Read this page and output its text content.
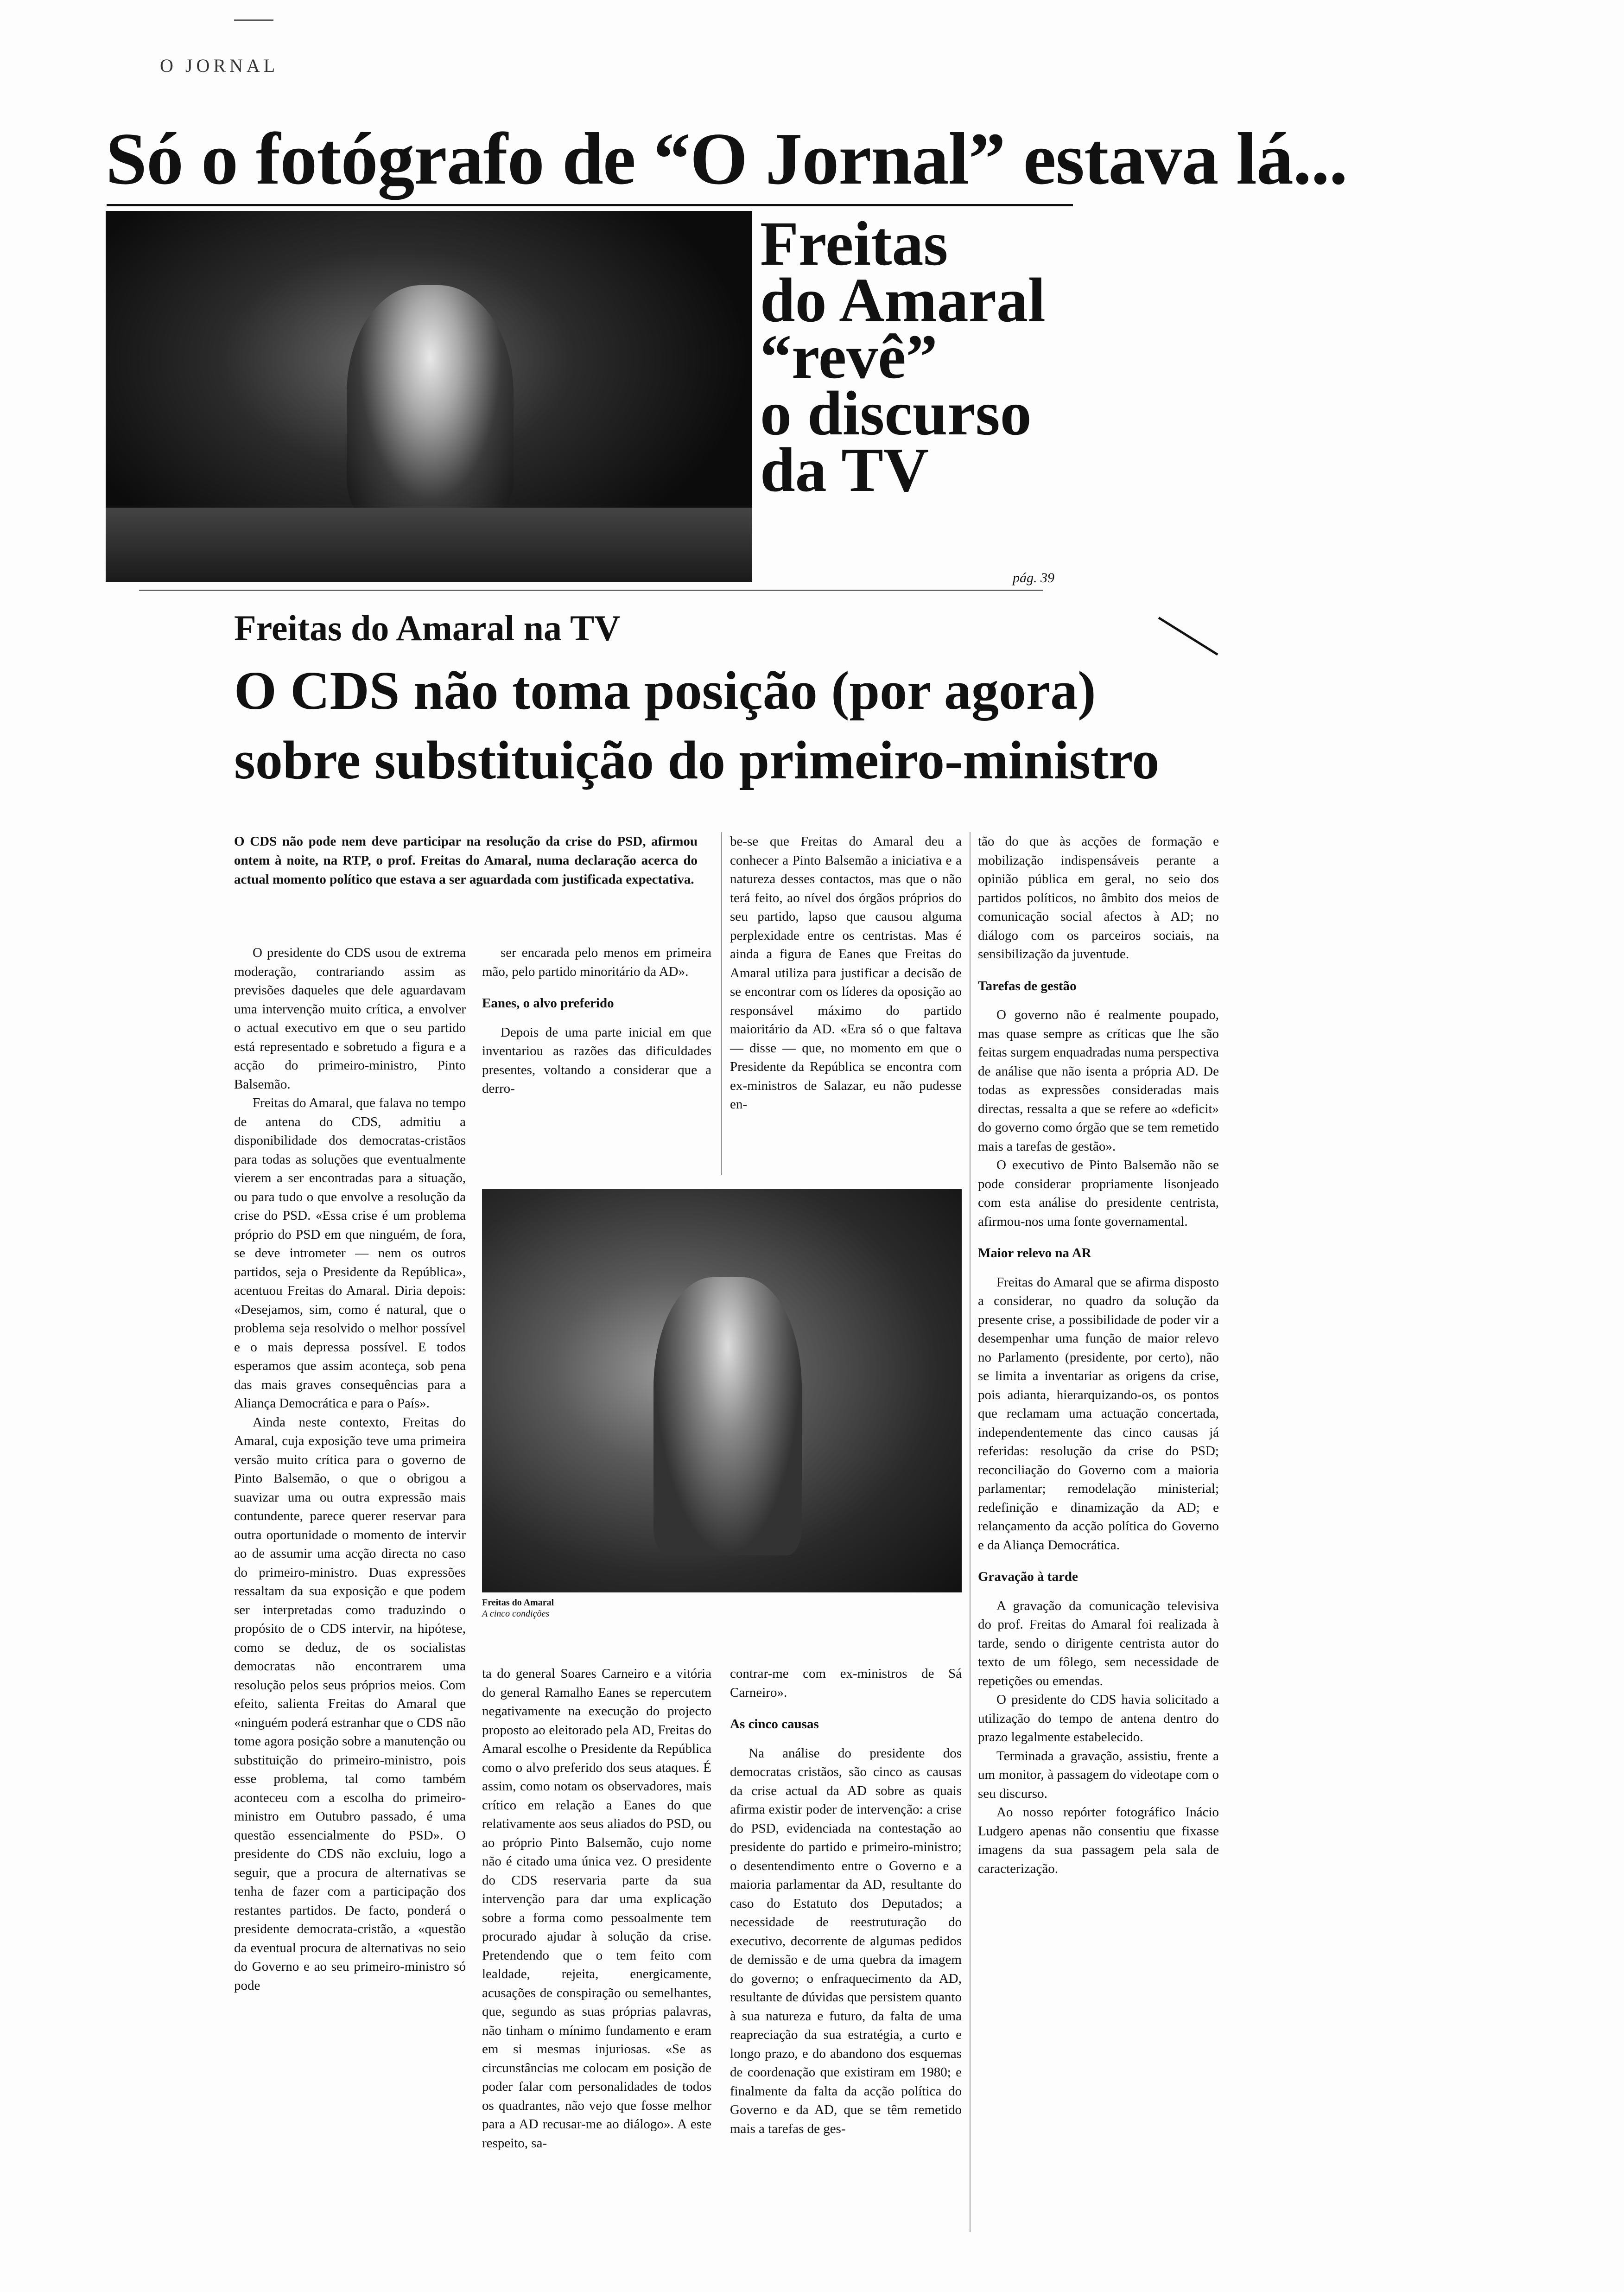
O JORNAL
Só o fotógrafo de “O Jornal” estava lá...
Freitas
do Amaral
“revê”
o discurso
da TV
pág. 39
Freitas do Amaral na TV
O CDS não toma posição (por agora)
sobre substituição do primeiro-ministro
O CDS não pode nem deve participar na resolução da crise do PSD, afirmou ontem à noite, na RTP, o prof. Freitas do Amaral, numa declaração acerca do actual momento político que estava a ser aguardada com justificada expectativa.

O presidente do CDS usou de extrema moderação, contrariando assim as previsões daqueles que dele aguardavam uma intervenção muito crítica, a envolver o actual executivo em que o seu partido está representado e sobretudo a figura e a acção do primeiro-ministro, Pinto Balsemão.

Freitas do Amaral, que falava no tempo de antena do CDS, admitiu a disponibilidade dos democratas-cristãos para todas as soluções que eventualmente vierem a ser encontradas para a situação, ou para tudo o que envolve a resolução da crise do PSD. «Essa crise é um problema próprio do PSD em que ninguém, de fora, se deve intrometer — nem os outros partidos, seja o Presidente da República», acentuou Freitas do Amaral. Diria depois: «Desejamos, sim, como é natural, que o problema seja resolvido o melhor possível e o mais depressa possível. E todos esperamos que assim aconteça, sob pena das mais graves consequências para a Aliança Democrática e para o País».

Ainda neste contexto, Freitas do Amaral, cuja exposição teve uma primeira versão muito crítica para o governo de Pinto Balsemão, o que o obrigou a suavizar uma ou outra expressão mais contundente, parece querer reservar para outra oportunidade o momento de intervir ao de assumir uma acção directa no caso do primeiro-ministro. Duas expressões ressaltam da sua exposição e que podem ser interpretadas como traduzindo o propósito de o CDS intervir, na hipótese, como se deduz, de os socialistas democratas não encontrarem uma resolução pelos seus próprios meios. Com efeito, salienta Freitas do Amaral que «ninguém poderá estranhar que o CDS não tome agora posição sobre a manutenção ou substituição do primeiro-ministro, pois esse problema, tal como também aconteceu com a escolha do primeiro-ministro em Outubro passado, é uma questão essencialmente do PSD». O presidente do CDS não excluiu, logo a seguir, que a procura de alternativas se tenha de fazer com a participação dos restantes partidos. De facto, ponderá o presidente democrata-cristão, a «questão da eventual procura de alternativas no seio do Governo e ao seu primeiro-ministro só pode

ser encarada pelo menos em primeira mão, pelo partido minoritário da AD».

Eanes, o alvo preferido

Depois de uma parte inicial em que inventariou as razões das dificuldades presentes, voltando a considerar que a derro-

be-se que Freitas do Amaral deu a conhecer a Pinto Balsemão a iniciativa e a natureza desses contactos, mas que o não terá feito, ao nível dos órgãos próprios do seu partido, lapso que causou alguma perplexidade entre os centristas. Mas é ainda a figura de Eanes que Freitas do Amaral utiliza para justificar a decisão de se encontrar com os líderes da oposição ao responsável máximo do partido maioritário da AD. «Era só o que faltava — disse — que, no momento em que o Presidente da República se encontra com ex-ministros de Salazar, eu não pudesse en-

Freitas do Amaral
A cinco condições

ta do general Soares Carneiro e a vitória do general Ramalho Eanes se repercutem negativamente na execução do projecto proposto ao eleitorado pela AD, Freitas do Amaral escolhe o Presidente da República como o alvo preferido dos seus ataques. É assim, como notam os observadores, mais crítico em relação a Eanes do que relativamente aos seus aliados do PSD, ou ao próprio Pinto Balsemão, cujo nome não é citado uma única vez. O presidente do CDS reservaria parte da sua intervenção para dar uma explicação sobre a forma como pessoalmente tem procurado ajudar à solução da crise. Pretendendo que o tem feito com lealdade, rejeita, energicamente, acusações de conspiração ou semelhantes, que, segundo as suas próprias palavras, não tinham o mínimo fundamento e eram em si mesmas injuriosas. «Se as circunstâncias me colocam em posição de poder falar com personalidades de todos os quadrantes, não vejo que fosse melhor para a AD recusar-me ao diálogo». A este respeito, sa-

contrar-me com ex-ministros de Sá Carneiro».

As cinco causas

Na análise do presidente dos democratas cristãos, são cinco as causas da crise actual da AD sobre as quais afirma existir poder de intervenção: a crise do PSD, evidenciada na contestação ao presidente do partido e primeiro-ministro; o desentendimento entre o Governo e a maioria parlamentar da AD, resultante do caso do Estatuto dos Deputados; a necessidade de reestruturação do executivo, decorrente de algumas pedidos de demissão e de uma quebra da imagem do governo; o enfraquecimento da AD, resultante de dúvidas que persistem quanto à sua natureza e futuro, da falta de uma reapreciação da sua estratégia, a curto e longo prazo, e do abandono dos esquemas de coordenação que existiram em 1980; e finalmente da falta da acção política do Governo e da AD, que se têm remetido mais a tarefas de ges-

tão do que às acções de formação e mobilização indispensáveis perante a opinião pública em geral, no seio dos partidos políticos, no âmbito dos meios de comunicação social afectos à AD; no diálogo com os parceiros sociais, na sensibilização da juventude.

Tarefas de gestão

O governo não é realmente poupado, mas quase sempre as críticas que lhe são feitas surgem enquadradas numa perspectiva de análise que não isenta a própria AD. De todas as expressões consideradas mais directas, ressalta a que se refere ao «deficit» do governo como órgão que se tem remetido mais a tarefas de gestão».

O executivo de Pinto Balsemão não se pode considerar propriamente lisonjeado com esta análise do presidente centrista, afirmou-nos uma fonte governamental.

Maior relevo na AR

Freitas do Amaral que se afirma disposto a considerar, no quadro da solução da presente crise, a possibilidade de poder vir a desempenhar uma função de maior relevo no Parlamento (presidente, por certo), não se limita a inventariar as origens da crise, pois adianta, hierarquizando-os, os pontos que reclamam uma actuação concertada, independentemente das cinco causas já referidas: resolução da crise do PSD; reconciliação do Governo com a maioria parlamentar; remodelação ministerial; redefinição e dinamização da AD; e relançamento da acção política do Governo e da Aliança Democrática.

Gravação à tarde

A gravação da comunicação televisiva do prof. Freitas do Amaral foi realizada à tarde, sendo o dirigente centrista autor do texto de um fôlego, sem necessidade de repetições ou emendas.

O presidente do CDS havia solicitado a utilização do tempo de antena dentro do prazo legalmente estabelecido.

Terminada a gravação, assistiu, frente a um monitor, à passagem do videotape com o seu discurso.

Ao nosso repórter fotográfico Inácio Ludgero apenas não consentiu que fixasse imagens da sua passagem pela sala de caracterização.
